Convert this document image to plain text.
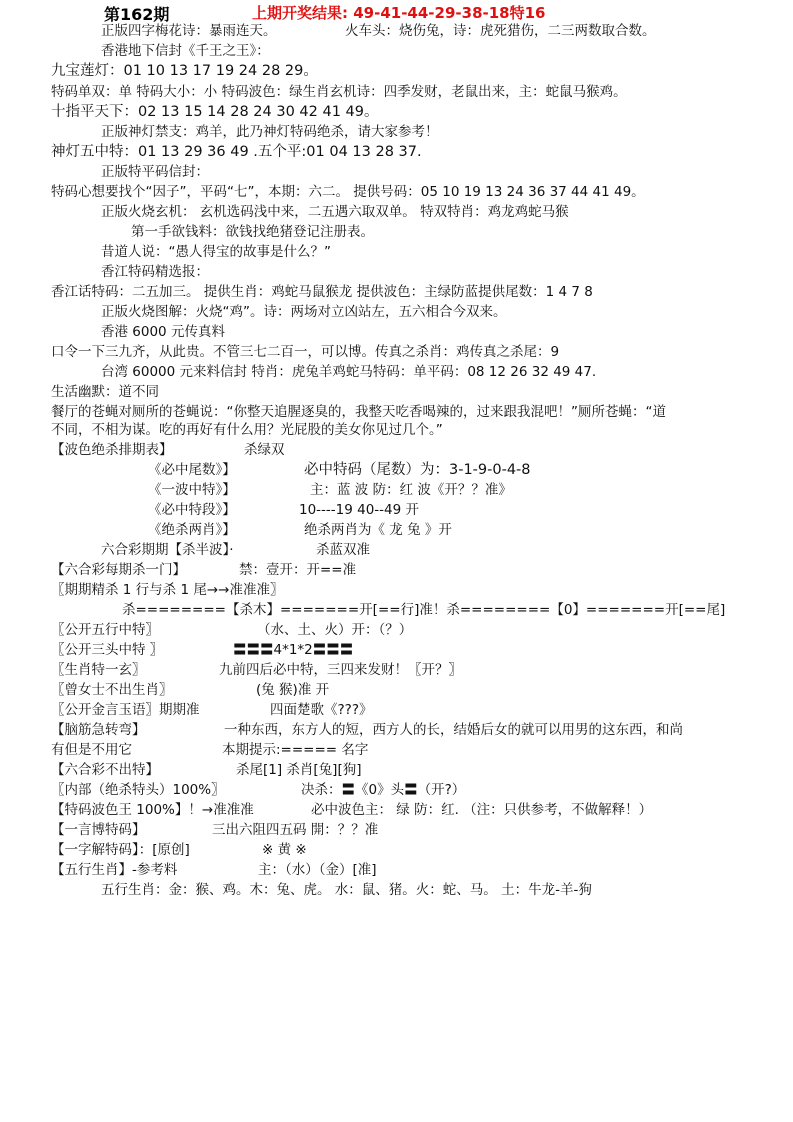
第162期	上期开奖结果: 49-41-44-29-38-18特16
正版四字梅花诗：暴雨连天。	火车头：烧伤兔，诗：虎死猎伤，二三两数取合数。
香港地下信封《千王之王》：
九宝莲灯：01 10 13 17 19 24 28 29。
特码单双：单 特码大小：小 特码波色：绿生肖玄机诗：四季发财，老鼠出来，主：蛇鼠马猴鸡。
十指平天下：02 13 15 14 28 24 30 42 41 49。
正版神灯禁支：鸡羊，此乃神灯特码绝杀，请大家参考！
神灯五中特：01 13 29 36 49 .五个平:01 04 13 28 37.
正版特平码信封：
特码心想要找个“因子”，平码“七”，本期：六二。 提供号码：05 10 19 13 24 36 37 44 41 49。
正版火烧玄机： 玄机选码浅中来，二五遇六取双单。 特双特肖：鸡龙鸡蛇马猴
第一手欲钱料：欲钱找绝猪登记注册表。
昔道人说：“愚人得宝的故事是什么？”
香江特码精选报：
香江话特码：二五加三。 提供生肖：鸡蛇马鼠猴龙 提供波色：主绿防蓝提供尾数：1 4 7 8
正版火烧图解：火烧“鸡”。诗：两场对立凶站左，五六相合今双来。
香港 6000 元传真料
口令一下三九齐，从此贵。不管三七二百一，可以博。传真之杀肖：鸡传真之杀尾：9
台湾 60000 元来料信封 特肖：虎兔羊鸡蛇马特码：单平码：08 12 26 32 49 47.
生活幽默：道不同
餐厅的苍蝇对厕所的苍蝇说：“你整天追腥逐臭的，我整天吃香喝辣的，过来跟我混吧！”厕所苍蝇：“道
不同，不相为谋。吃的再好有什么用？光屁股的美女你见过几个。”
【波色绝杀排期表】	杀绿双
《必中尾数》】	必中特码（尾数）为：3-1-9-0-4-8
《一波中特》】	主：蓝 波 防：红 波《开？？准》
《必中特段》】	10----19 40--49 开
《绝杀两肖》】	绝杀两肖为《 龙 兔 》开
六合彩期期【杀半波】·	杀蓝双准
【六合彩每期杀一门】	禁：壹开：开==准
〖期期精杀 1 行与杀 1 尾→→准准准〗
杀========【杀木】=======开[==行]准！杀========【0】=======开[==尾]
〖公开五行中特〗	（水、土、火）开：（？）
〖公开三头中特 〗	〓〓〓4*1*2〓〓〓
〖生肖特一玄〗	九前四后必中特，三四来发财！〖开？〗
〖曾女士不出生肖〗	(兔 猴)准 开
〖公开金言玉语〗期期准	四面楚歌《???》
【脑筋急转弯】	一种东西，东方人的短，西方人的长，结婚后女的就可以用男的这东西，和尚
有但是不用它	本期提示:===== 名字
【六合彩不出特】	杀尾[1] 杀肖[兔][狗]
〖内部（绝杀特头）100%〗	决杀：〓《0》头〓（开?）
【特码波色王 100%】！→准准准	必中波色主： 绿 防：红. （注：只供参考，不做解释！）
【一言博特码】	三出六阻四五码 開：？？准
【一字解特码】：[原创]	※ 黄 ※
【五行生肖】-参考料	主：（水）（金）[准]
五行生肖：金：猴、鸡。木：兔、虎。 水：鼠、猪。火：蛇、马。 土：牛龙-羊-狗
